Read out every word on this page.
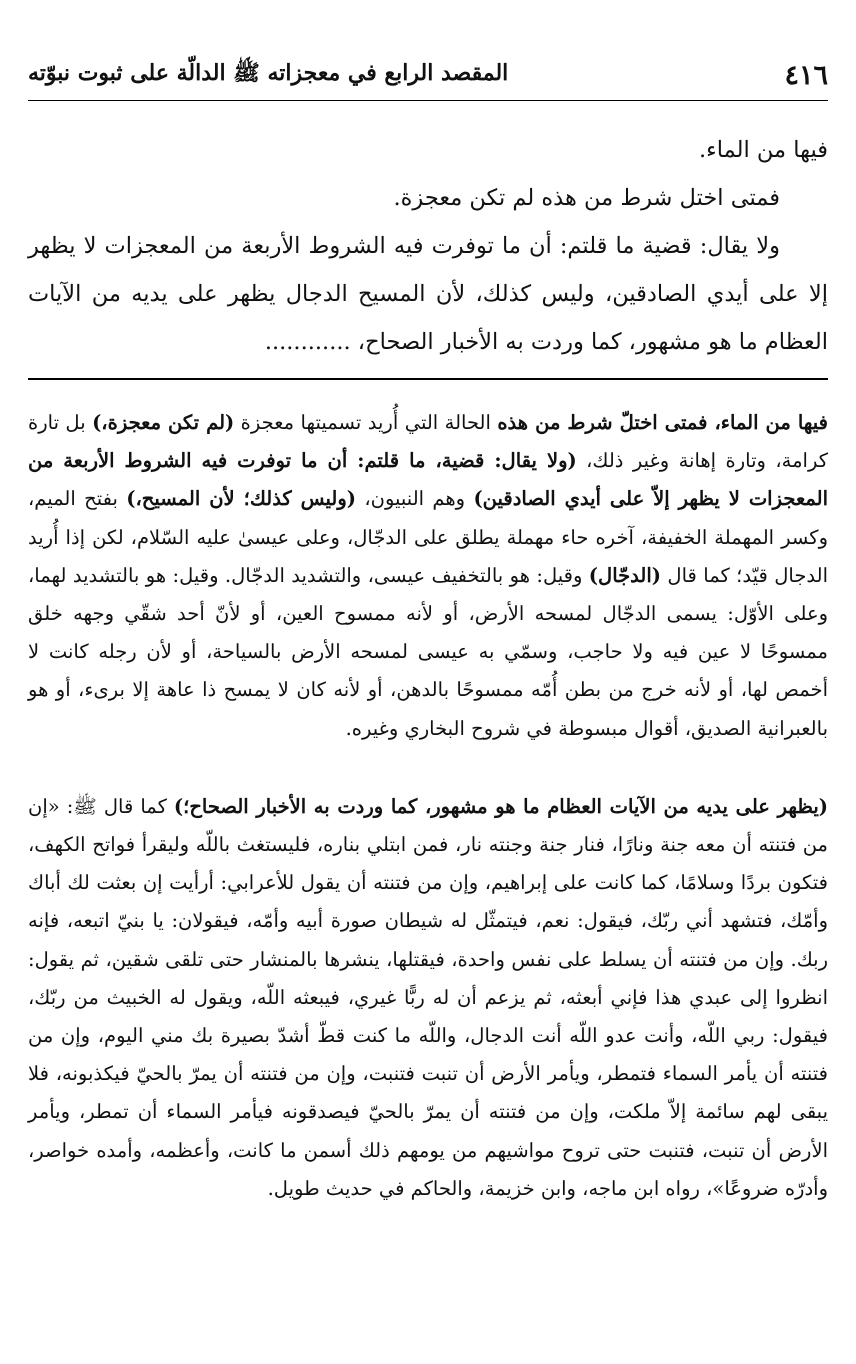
٤١٦
المقصد الرابع في معجزاته ﷺ الدالّة على ثبوت نبوّته

فيها من الماء.

فمتى اختل شرط من هذه لم تكن معجزة.

ولا يقال: قضية ما قلتم: أن ما توفرت فيه الشروط الأربعة من المعجزات لا يظهر إلا على أيدي الصادقين، وليس كذلك، لأن المسيح الدجال يظهر على يديه من الآيات العظام ما هو مشهور، كما وردت به الأخبار الصحاح، ............

فيها من الماء، فمتى اختلّ شرط من هذه الحالة التي أُريد تسميتها معجزة (لم تكن معجزة،) بل تارة كرامة، وتارة إهانة وغير ذلك، (ولا يقال: قضية، ما قلتم: أن ما توفرت فيه الشروط الأربعة من المعجزات لا يظهر إلاّ على أيدي الصادقين) وهم النبيون، (وليس كذلك؛ لأن المسيح،) بفتح الميم، وكسر المهملة الخفيفة، آخره حاء مهملة يطلق على الدجّال، وعلى عيسىٰ عليه السّلام، لكن إذا أُريد الدجال قيّد؛ كما قال (الدجّال) وقيل: هو بالتخفيف عيسى، والتشديد الدجّال. وقيل: هو بالتشديد لهما، وعلى الأوّل: يسمى الدجّال لمسحه الأرض، أو لأنه ممسوح العين، أو لأنّ أحد شقّي وجهه خلق ممسوحًا لا عين فيه ولا حاجب، وسمّي به عيسى لمسحه الأرض بالسياحة، أو لأن رجله كانت لا أخمص لها، أو لأنه خرج من بطن أُمّه ممسوحًا بالدهن، أو لأنه كان لا يمسح ذا عاهة إلا برىء، أو هو بالعبرانية الصديق، أقوال مبسوطة في شروح البخاري وغيره.

(يظهر على يديه من الآيات العظام ما هو مشهور، كما وردت به الأخبار الصحاح؛) كما قال ﷺ: «إن من فتنته أن معه جنة ونارًا، فنار جنة وجنته نار، فمن ابتلي بناره، فليستغث باللّه وليقرأ فواتح الكهف، فتكون بردًا وسلامًا، كما كانت على إبراهيم، وإن من فتنته أن يقول للأعرابي: أرأيت إن بعثت لك أباك وأمّك، فتشهد أني ربّك، فيقول: نعم، فيتمثّل له شيطان صورة أبيه وأمّه، فيقولان: يا بنيّ اتبعه، فإنه ربك. وإن من فتنته أن يسلط على نفس واحدة، فيقتلها، ينشرها بالمنشار حتى تلقى شقين، ثم يقول: انظروا إلى عبدي هذا فإني أبعثه، ثم يزعم أن له ربًّا غيري، فيبعثه اللّه، ويقول له الخبيث من ربّك، فيقول: ربي اللّه، وأنت عدو اللّه أنت الدجال، واللّه ما كنت قطّ أشدّ بصيرة بك مني اليوم، وإن من فتنته أن يأمر السماء فتمطر، ويأمر الأرض أن تنبت فتنبت، وإن من فتنته أن يمرّ بالحيّ فيكذبونه، فلا يبقى لهم سائمة إلاّ ملكت، وإن من فتنته أن يمرّ بالحيّ فيصدقونه فيأمر السماء أن تمطر، ويأمر الأرض أن تنبت، فتنبت حتى تروح مواشيهم من يومهم ذلك أسمن ما كانت، وأعظمه، وأمده خواصر، وأدرّه ضروعًا»، رواه ابن ماجه، وابن خزيمة، والحاكم في حديث طويل.
